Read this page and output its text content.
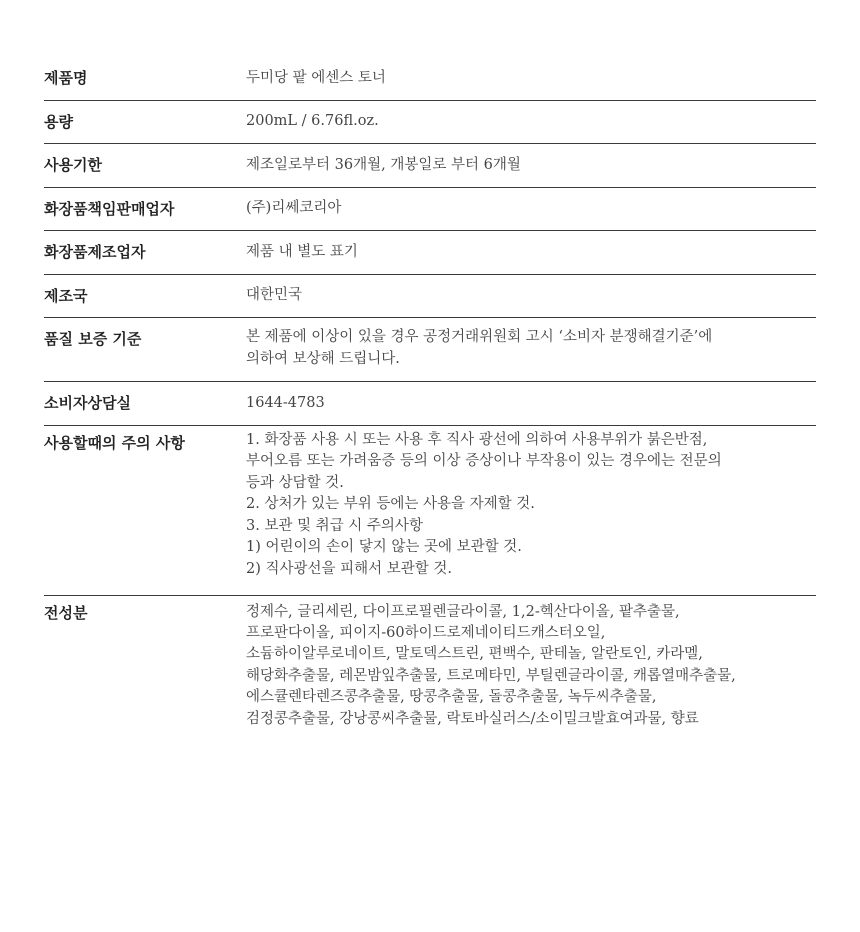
제품명	두미당 팥 에센스 토너
용량	200mL / 6.76fl.oz.
사용기한	제조일로부터 36개월, 개봉일로 부터 6개월
화장품책임판매업자	(주)리쎄코리아
화장품제조업자	제품 내 별도 표기
제조국	대한민국
품질 보증 기준	본 제품에 이상이 있을 경우 공정거래위원회 고시 ‘소비자 분쟁해결기준’에
의하여 보상해 드립니다.
소비자상담실	1644-4783
사용할때의 주의 사항	1. 화장품 사용 시 또는 사용 후 직사 광선에 의하여 사용부위가 붉은반점,
부어오름 또는 가려움증 등의 이상 증상이나 부작용이 있는 경우에는 전문의
등과 상담할 것.
2. 상처가 있는 부위 등에는 사용을 자제할 것.
3. 보관 및 취급 시 주의사항
1) 어린이의 손이 닿지 않는 곳에 보관할 것.
2) 직사광선을 피해서 보관할 것.
전성분	정제수, 글리세린, 다이프로필렌글라이콜, 1,2-헥산다이올, 팥추출물,
프로판다이올, 피이지-60하이드로제네이티드캐스터오일,
소듐하이알루로네이트, 말토덱스트린, 편백수, 판테놀, 알란토인, 카라멜,
해당화추출물, 레몬밤잎추출물, 트로메타민, 부틸렌글라이콜, 캐롭열매추출물,
에스큘렌타렌즈콩추출물, 땅콩추출물, 돌콩추출물, 녹두씨추출물,
검정콩추출물, 강낭콩씨추출물, 락토바실러스/소이밀크발효여과물, 향료
